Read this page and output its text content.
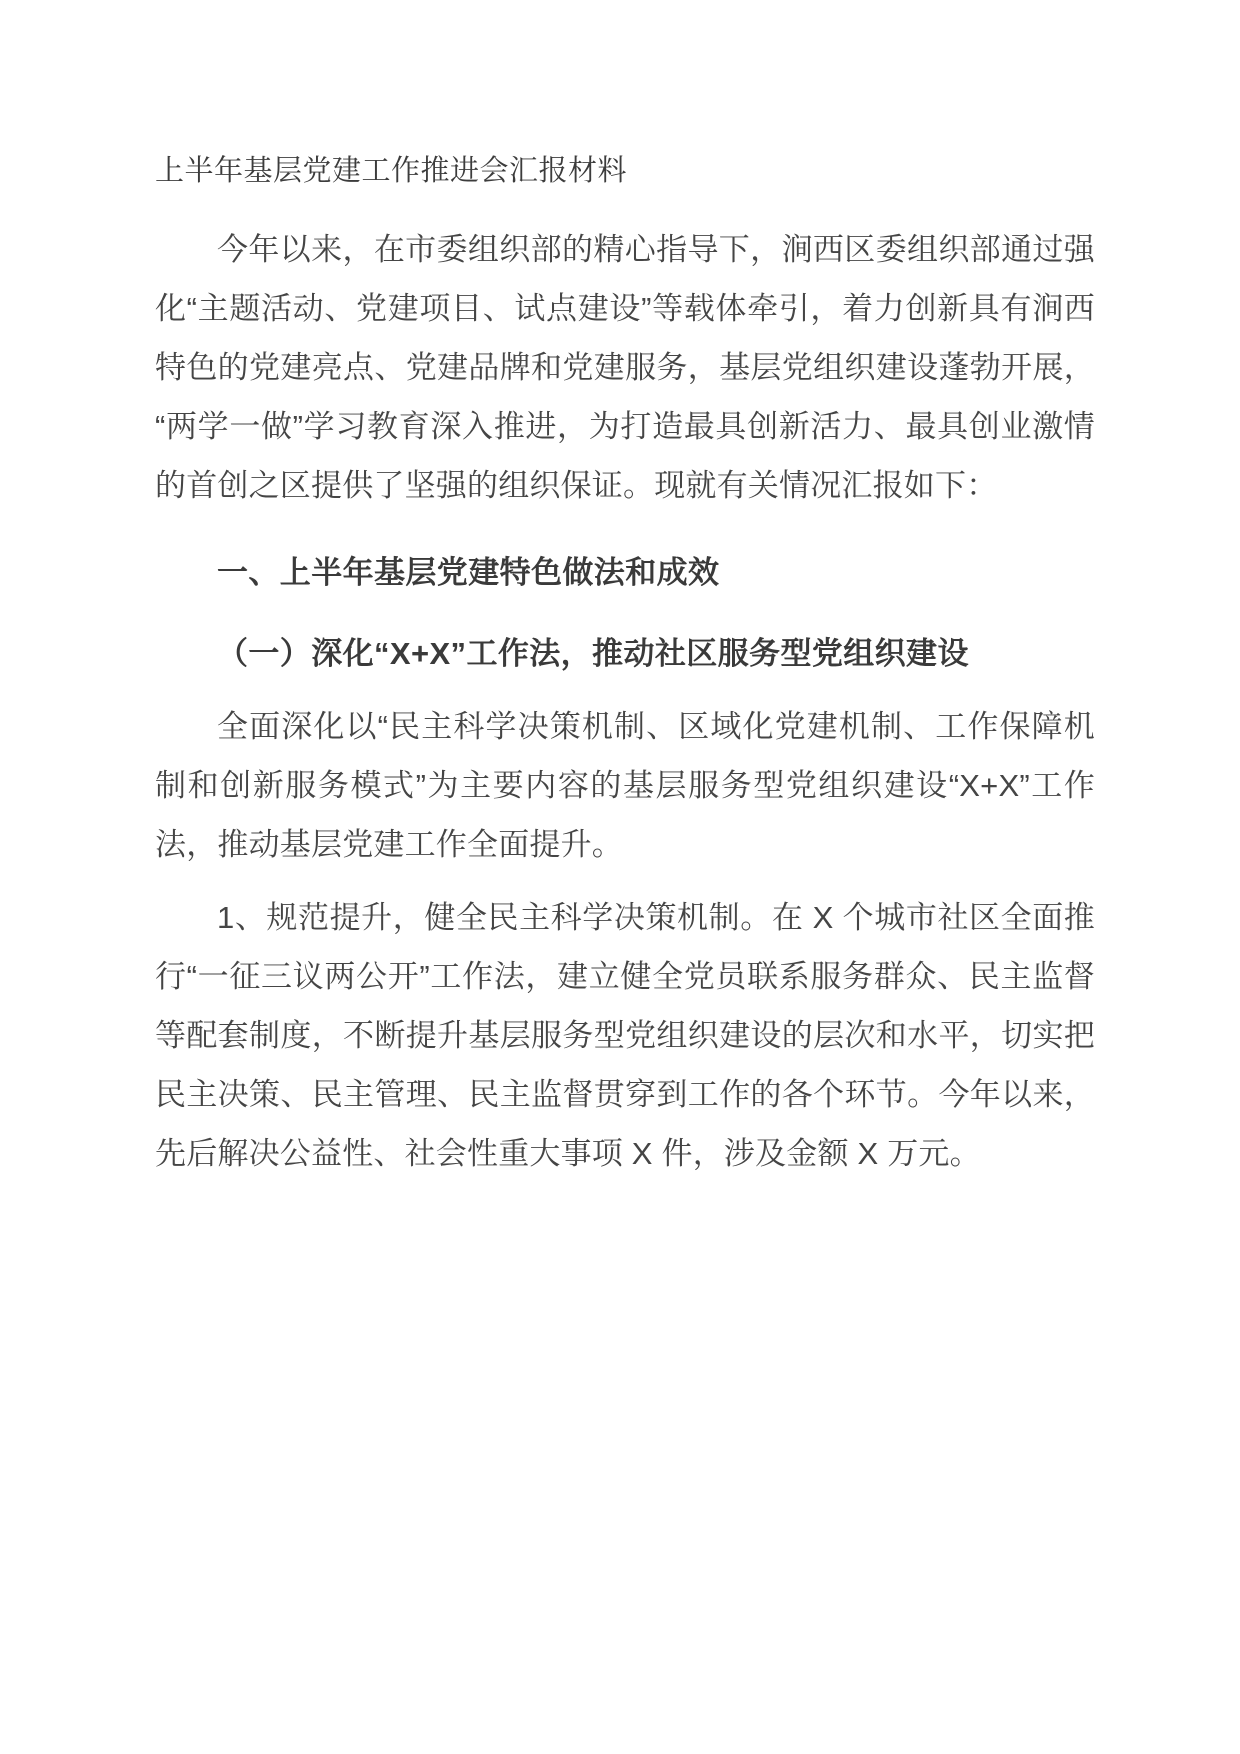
上半年基层党建工作推进会汇报材料

今年以来，在市委组织部的精心指导下，涧西区委组织部通过强化“主题活动、党建项目、试点建设”等载体牵引，着力创新具有涧西特色的党建亮点、党建品牌和党建服务，基层党组织建设蓬勃开展，“两学一做”学习教育深入推进，为打造最具创新活力、最具创业激情的首创之区提供了坚强的组织保证。现就有关情况汇报如下：

一、上半年基层党建特色做法和成效

（一）深化“X+X”工作法，推动社区服务型党组织建设

全面深化以“民主科学决策机制、区域化党建机制、工作保障机制和创新服务模式”为主要内容的基层服务型党组织建设“X+X”工作法，推动基层党建工作全面提升。

1、规范提升，健全民主科学决策机制。在 X 个城市社区全面推行“一征三议两公开”工作法，建立健全党员联系服务群众、民主监督等配套制度，不断提升基层服务型党组织建设的层次和水平，切实把民主决策、民主管理、民主监督贯穿到工作的各个环节。今年以来，先后解决公益性、社会性重大事项 X 件，涉及金额 X 万元。
